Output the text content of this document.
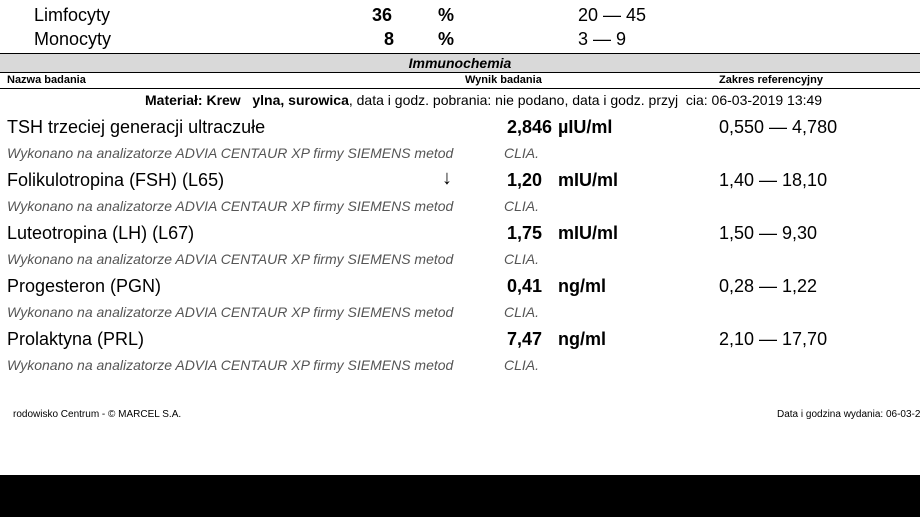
Limfocyty	36	%	20 — 45
Monocyty	8 %	3 — 9
Immunochemia
Nazwa badania	Wynik badania	Zakres referencyjny
Materiał: Krew ylna, surowica, data i godz. pobrania: nie podano, data i godz. przyj cia: 06-03-2019 13:49
TSH trzeciej generacji ultraczułe	2,846 µIU/ml	0,550 — 4,780
Wykonano na analizatorze ADVIA CENTAUR XP firmy SIEMENS metod	CLIA.
Folikulotropina (FSH) (L65)	↓	1,20 mIU/ml	1,40 — 18,10
Wykonano na analizatorze ADVIA CENTAUR XP firmy SIEMENS metod	CLIA.
Luteotropina (LH) (L67)	1,75 mIU/ml	1,50 — 9,30
Wykonano na analizatorze ADVIA CENTAUR XP firmy SIEMENS metod	CLIA.
Progesteron (PGN)	0,41 ng/ml	0,28 — 1,22
Wykonano na analizatorze ADVIA CENTAUR XP firmy SIEMENS metod	CLIA.
Prolaktyna (PRL)	7,47 ng/ml	2,10 — 17,70
Wykonano na analizatorze ADVIA CENTAUR XP firmy SIEMENS metod	CLIA.
rodowisko Centrum - © MARCEL S.A.	Data i godzina wydania: 06-03-2
